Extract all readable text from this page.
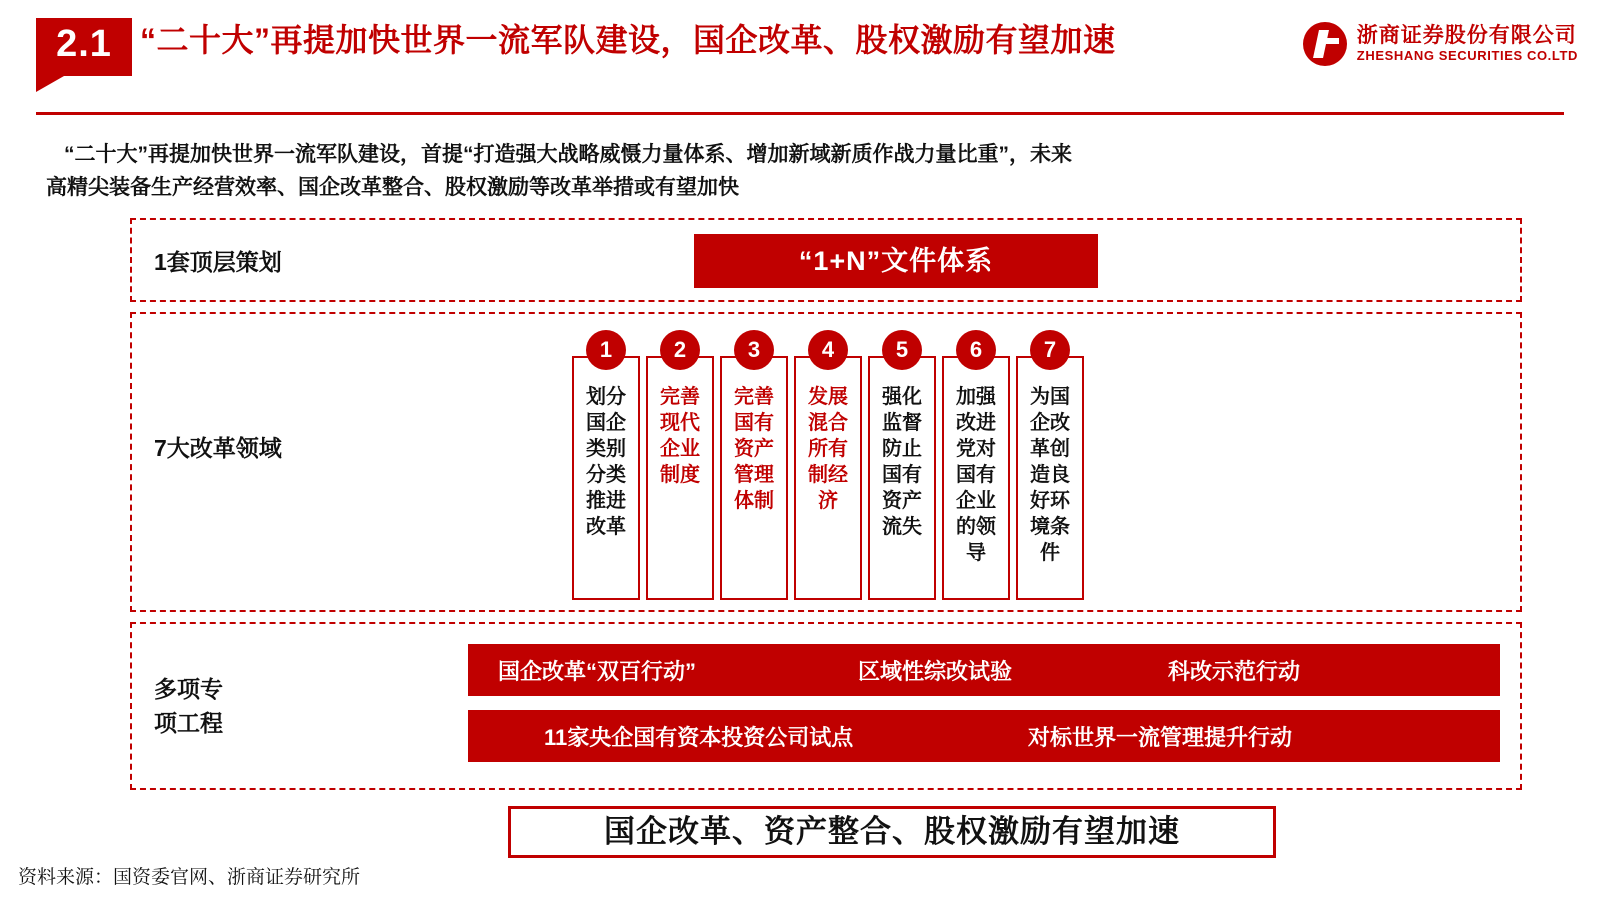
2.1 “二十大”再提加快世界一流军队建设，国企改革、股权激励有望加速	浙商证券股份有限公司
ZHESHANG SECURITIES CO.LTD
“二十大”再提加快世界一流军队建设，首提“打造强大战略威慑力量体系、增加新域新质作战力量比重”，未来
高精尖装备生产经营效率、国企改革整合、股权激励等改革举措或有望加快
1套顶层策划	“1+N”文件体系
7大改革领域
1
划分国企类别分类推进改革
2
完善现代企业制度
3
完善国有资产管理体制
4
发展混合所有制经济
5
强化监督防止国有资产流失
6
加强改进党对国有企业的领导
7
为国企改革创造良好环境条件
多项专
项工程
国企改革“双百行动”	区域性综改试验	科改示范行动
11家央企国有资本投资公司试点	对标世界一流管理提升行动
国企改革、资产整合、股权激励有望加速
资料来源：国资委官网、浙商证券研究所
